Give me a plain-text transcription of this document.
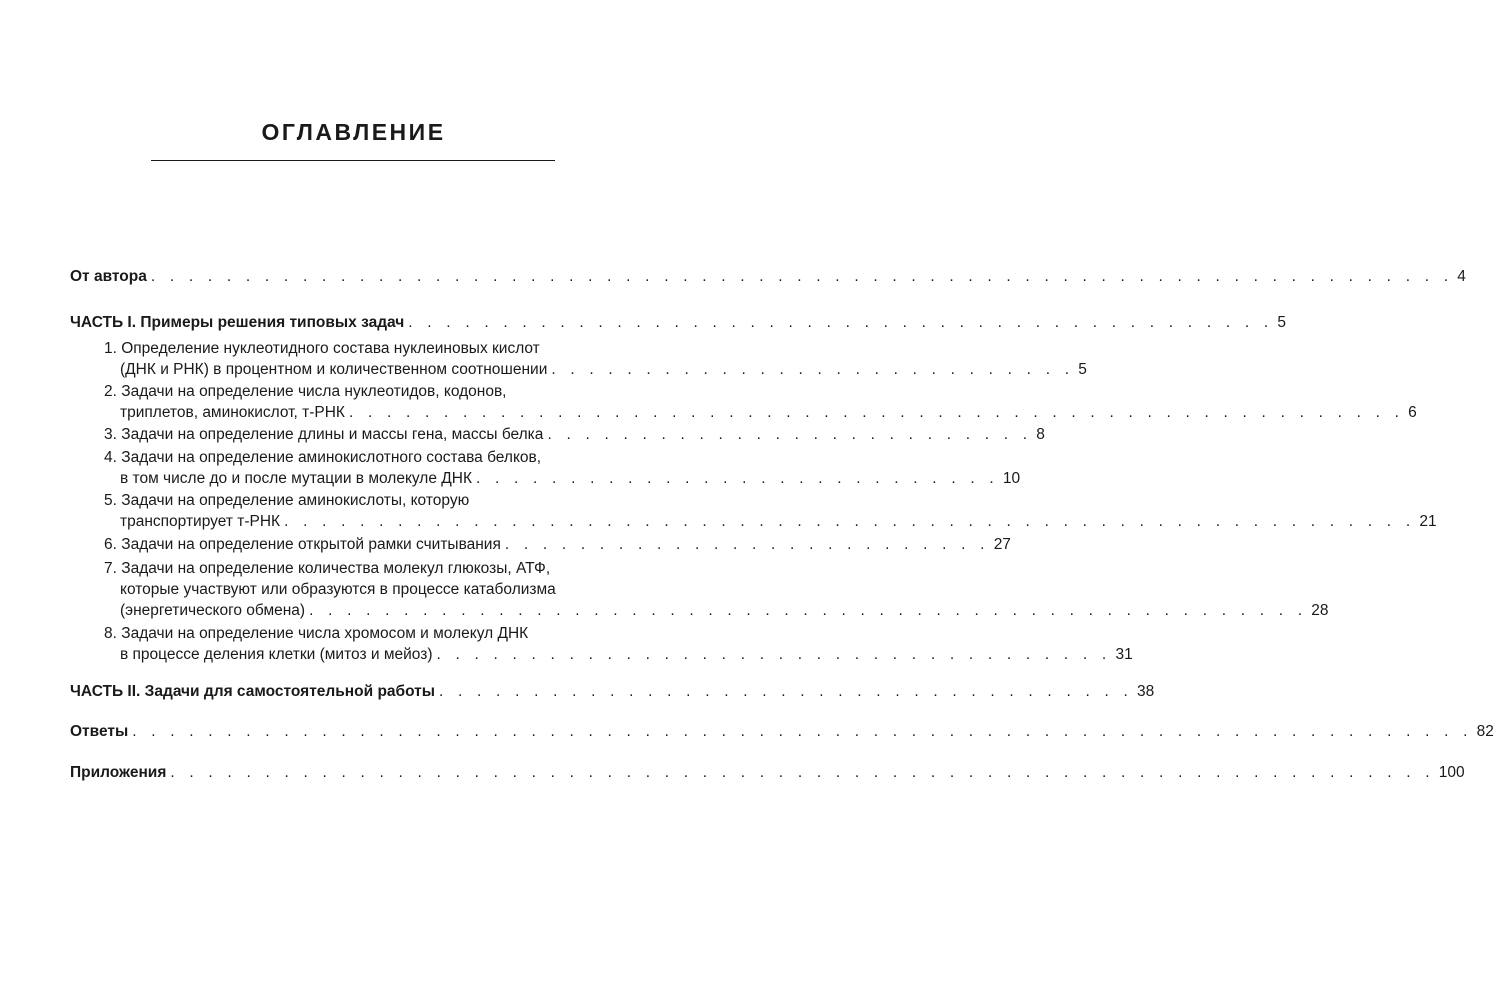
ОГЛАВЛЕНИЕ
От автора . . . . . . . . . . . . . . . . . . . . . . . . . . . . . . . . . . . . . . . . . . . . . . . . . . . . . . . . . . . . . . . . . . . . . 4
ЧАСТЬ I. Примеры решения типовых задач . . . . . . . . . . . . . . . . . . . . . . . . . . . . . . . . . . . . . . . . . . . . . . 5
1. Определение нуклеотидного состава нуклеиновых кислот
(ДНК и РНК) в процентном и количественном соотношении . . . . . . . . . . . . . . . . . . . . . . . . . . . . 5
2. Задачи на определение числа нуклеотидов, кодонов,
триплетов, аминокислот, т-РНК . . . . . . . . . . . . . . . . . . . . . . . . . . . . . . . . . . . . . . . . . . . . . . . . . . . . . . . . 6
3. Задачи на определение длины и массы гена, массы белка . . . . . . . . . . . . . . . . . . . . . . . . . . 8
4. Задачи на определение аминокислотного состава белков,
в том числе до и после мутации в молекуле ДНК . . . . . . . . . . . . . . . . . . . . . . . . . . . . 10
5. Задачи на определение аминокислоты, которую
транспортирует т-РНК . . . . . . . . . . . . . . . . . . . . . . . . . . . . . . . . . . . . . . . . . . . . . . . . . . . . . . . . . . . . 21
6. Задачи на определение открытой рамки считывания . . . . . . . . . . . . . . . . . . . . . . . . . . 27
7. Задачи на определение количества молекул глюкозы, АТФ,
которые участвуют или образуются в процессе катаболизма
(энергетического обмена) . . . . . . . . . . . . . . . . . . . . . . . . . . . . . . . . . . . . . . . . . . . . . . . . . . . . . 28
8. Задачи на определение числа хромосом и молекул ДНК
в процессе деления клетки (митоз и мейоз) . . . . . . . . . . . . . . . . . . . . . . . . . . . . . . . . . . . . 31
ЧАСТЬ II. Задачи для самостоятельной работы . . . . . . . . . . . . . . . . . . . . . . . . . . . . . . . . . . . . . 38
Ответы . . . . . . . . . . . . . . . . . . . . . . . . . . . . . . . . . . . . . . . . . . . . . . . . . . . . . . . . . . . . . . . . . . . . . . . 82
Приложения . . . . . . . . . . . . . . . . . . . . . . . . . . . . . . . . . . . . . . . . . . . . . . . . . . . . . . . . . . . . . . . . . . . 100
